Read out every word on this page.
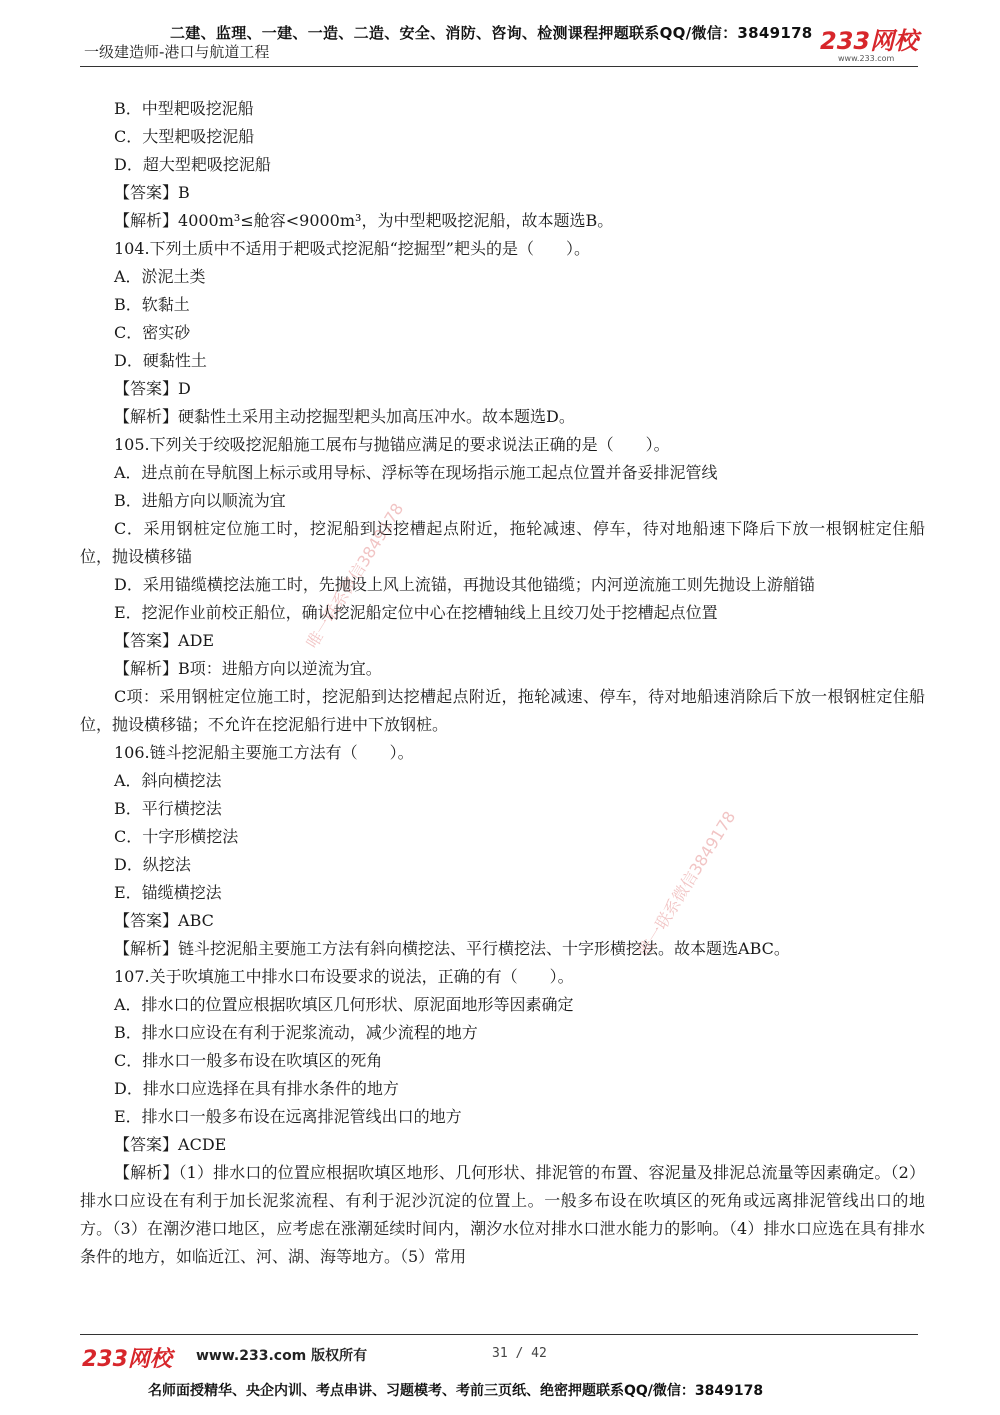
二建、监理、一建、一造、二造、安全、消防、咨询、检测课程押题联系QQ/微信：3849178
一级建造师-港口与航道工程	233网校
www.233.com
唯一联系微信3849178
唯一联系微信3849178
B．中型耙吸挖泥船
C．大型耙吸挖泥船
D．超大型耙吸挖泥船
【答案】B
【解析】4000m³≤舱容<9000m³，为中型耙吸挖泥船，故本题选B。
104.下列土质中不适用于耙吸式挖泥船“挖掘型”耙头的是（　　）。
A．淤泥土类
B．软黏土
C．密实砂
D．硬黏性土
【答案】D
【解析】硬黏性土采用主动挖掘型耙头加高压冲水。故本题选D。
105.下列关于绞吸挖泥船施工展布与抛锚应满足的要求说法正确的是（　　）。
A．进点前在导航图上标示或用导标、浮标等在现场指示施工起点位置并备妥排泥管线
B．进船方向以顺流为宜
C．采用钢桩定位施工时，挖泥船到达挖槽起点附近，拖轮减速、停车，待对地船速下降后下放一根钢桩定住船位，抛设横移锚
D．采用锚缆横挖法施工时，先抛设上风上流锚，再抛设其他锚缆；内河逆流施工则先抛设上游艏锚
E．挖泥作业前校正船位，确认挖泥船定位中心在挖槽轴线上且绞刀处于挖槽起点位置
【答案】ADE
【解析】B项：进船方向以逆流为宜。
C项：采用钢桩定位施工时，挖泥船到达挖槽起点附近，拖轮减速、停车，待对地船速消除后下放一根钢桩定住船位，抛设横移锚；不允许在挖泥船行进中下放钢桩。
106.链斗挖泥船主要施工方法有（　　）。
A．斜向横挖法
B．平行横挖法
C．十字形横挖法
D．纵挖法
E．锚缆横挖法
【答案】ABC
【解析】链斗挖泥船主要施工方法有斜向横挖法、平行横挖法、十字形横挖法。故本题选ABC。
107.关于吹填施工中排水口布设要求的说法，正确的有（　　）。
A．排水口的位置应根据吹填区几何形状、原泥面地形等因素确定
B．排水口应设在有利于泥浆流动，减少流程的地方
C．排水口一般多布设在吹填区的死角
D．排水口应选择在具有排水条件的地方
E．排水口一般多布设在远离排泥管线出口的地方
【答案】ACDE
【解析】（1）排水口的位置应根据吹填区地形、几何形状、排泥管的布置、容泥量及排泥总流量等因素确定。（2）排水口应设在有利于加长泥浆流程、有利于泥沙沉淀的位置上。一般多布设在吹填区的死角或远离排泥管线出口的地方。（3）在潮汐港口地区，应考虑在涨潮延续时间内，潮汐水位对排水口泄水能力的影响。（4）排水口应选在具有排水条件的地方，如临近江、河、湖、海等地方。（5）常用
233网校 www.233.com 版权所有	31 / 42
名师面授精华、央企内训、考点串讲、习题模考、考前三页纸、绝密押题联系QQ/微信：3849178
